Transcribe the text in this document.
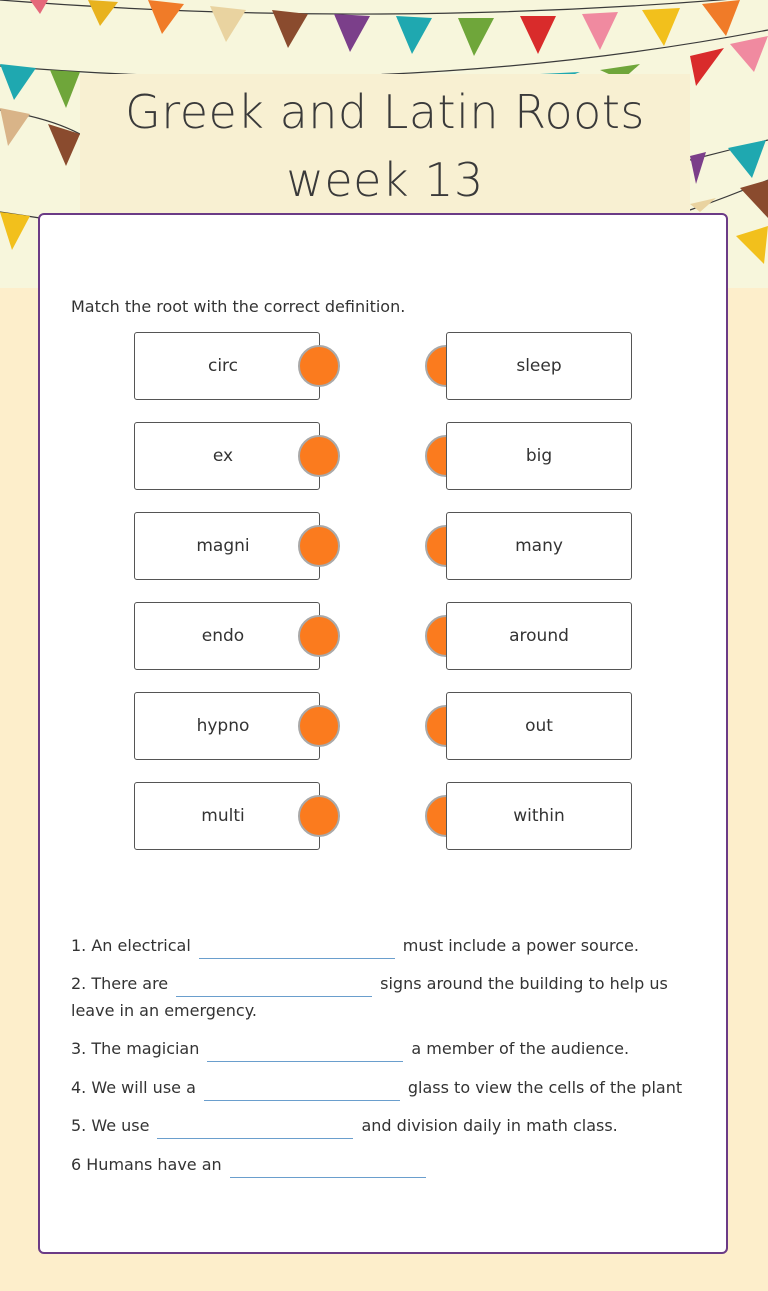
Greek and Latin Roots
week 13
Match the root with the correct definition.
circ	sleep
ex	big
magni	many
endo	around
hypno	out
multi	within
1. An electrical	must include a power source.
2. There are	signs around the building to help us leave in an emergency.
3. The magician	a member of the audience.
4. We will use a	glass to view the cells of the plant
5. We use	and division daily in math class.
6 Humans have an
